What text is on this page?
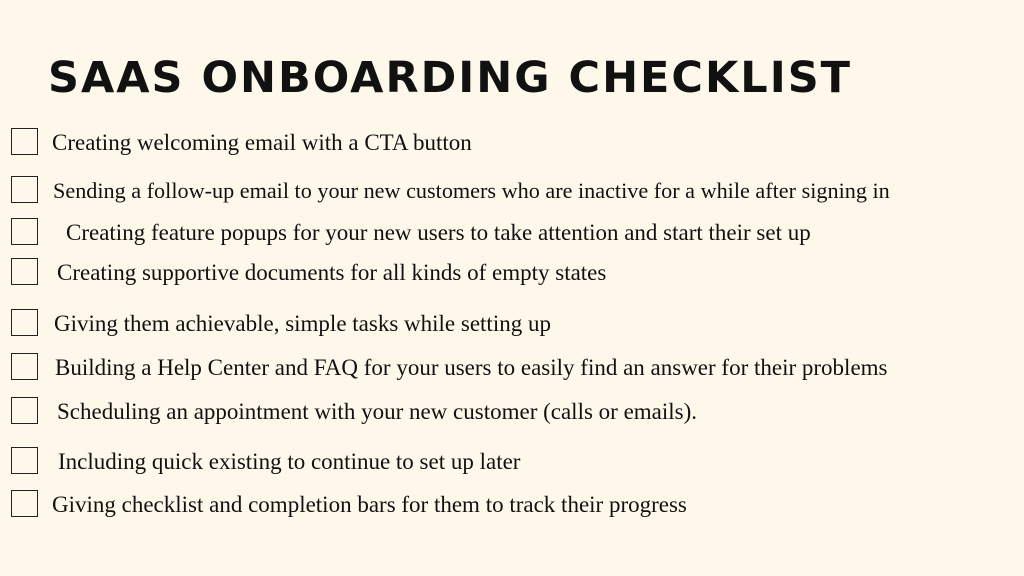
SAAS ONBOARDING CHECKLIST
Creating welcoming email with a CTA button
Sending a follow-up email to your new customers who are inactive for a while after signing in
Creating feature popups for your new users to take attention and start their set up
Creating supportive documents for all kinds of empty states
Giving them achievable, simple tasks while setting up
Building a Help Center and FAQ for your users to easily find an answer for their problems
Scheduling an appointment with your new customer (calls or emails).
Including quick existing to continue to set up later
Giving checklist and completion bars for them to track their progress
